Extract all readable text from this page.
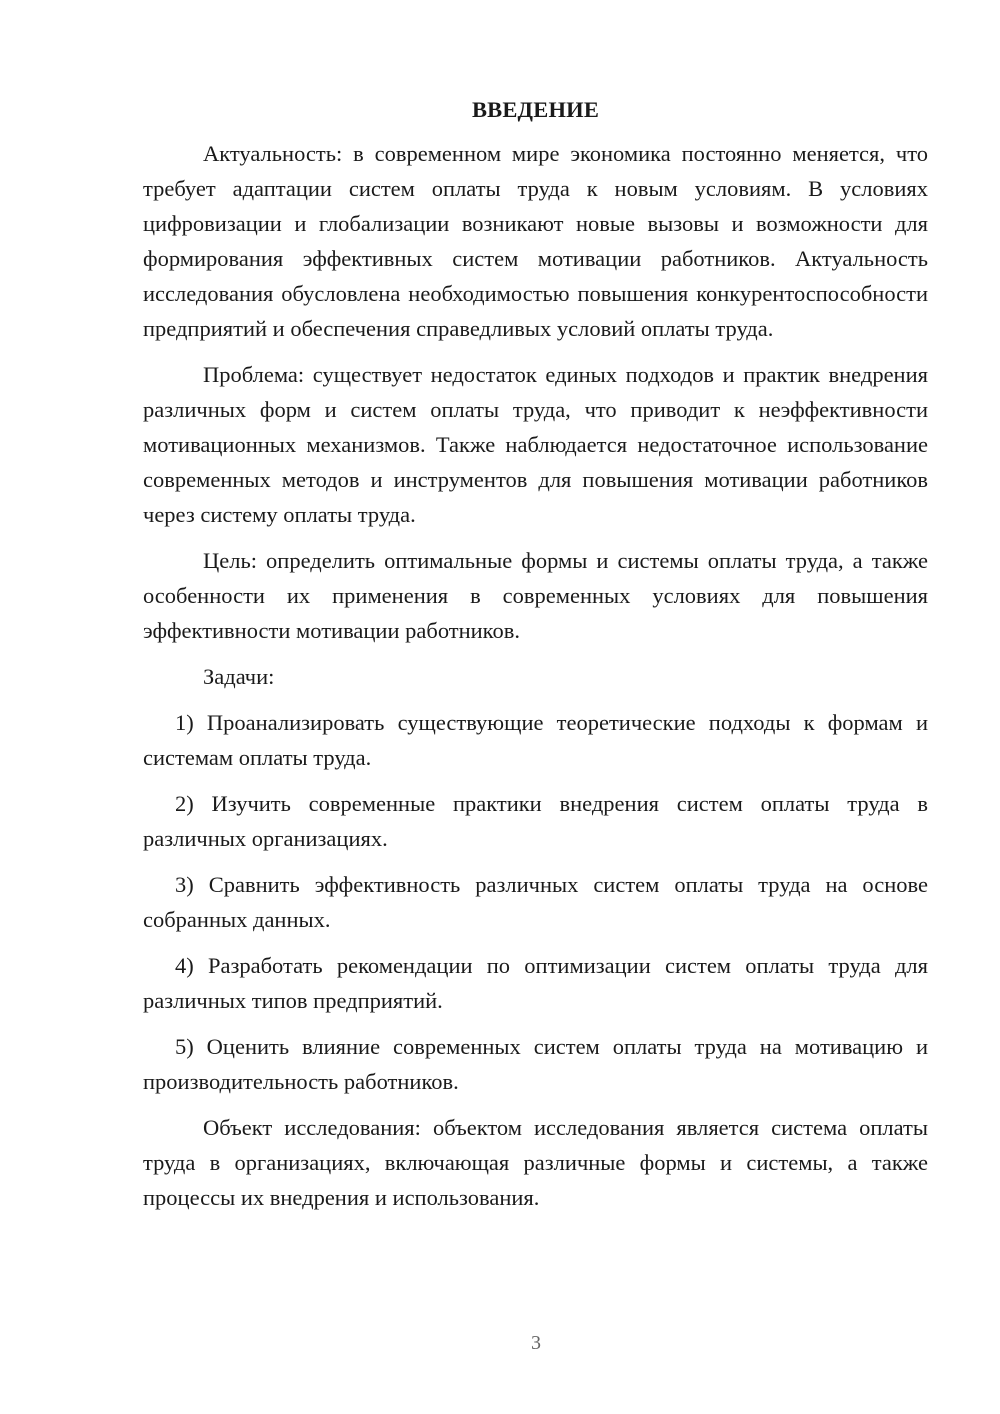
ВВЕДЕНИЕ

Актуальность: в современном мире экономика постоянно меняется, что требует адаптации систем оплаты труда к новым условиям. В условиях цифровизации и глобализации возникают новые вызовы и возможности для формирования эффективных систем мотивации работников. Актуальность исследования обусловлена необходимостью повышения конкурентоспособности предприятий и обеспечения справедливых условий оплаты труда.

Проблема: существует недостаток единых подходов и практик внедрения различных форм и систем оплаты труда, что приводит к неэффективности мотивационных механизмов. Также наблюдается недостаточное использование современных методов и инструментов для повышения мотивации работников через систему оплаты труда.

Цель: определить оптимальные формы и системы оплаты труда, а также особенности их применения в современных условиях для повышения эффективности мотивации работников.

Задачи:

1) Проанализировать существующие теоретические подходы к формам и системам оплаты труда.

2) Изучить современные практики внедрения систем оплаты труда в различных организациях.

3) Сравнить эффективность различных систем оплаты труда на основе собранных данных.

4) Разработать рекомендации по оптимизации систем оплаты труда для различных типов предприятий.

5) Оценить влияние современных систем оплаты труда на мотивацию и производительность работников.

Объект исследования: объектом исследования является система оплаты труда в организациях, включающая различные формы и системы, а также процессы их внедрения и использования.

3
